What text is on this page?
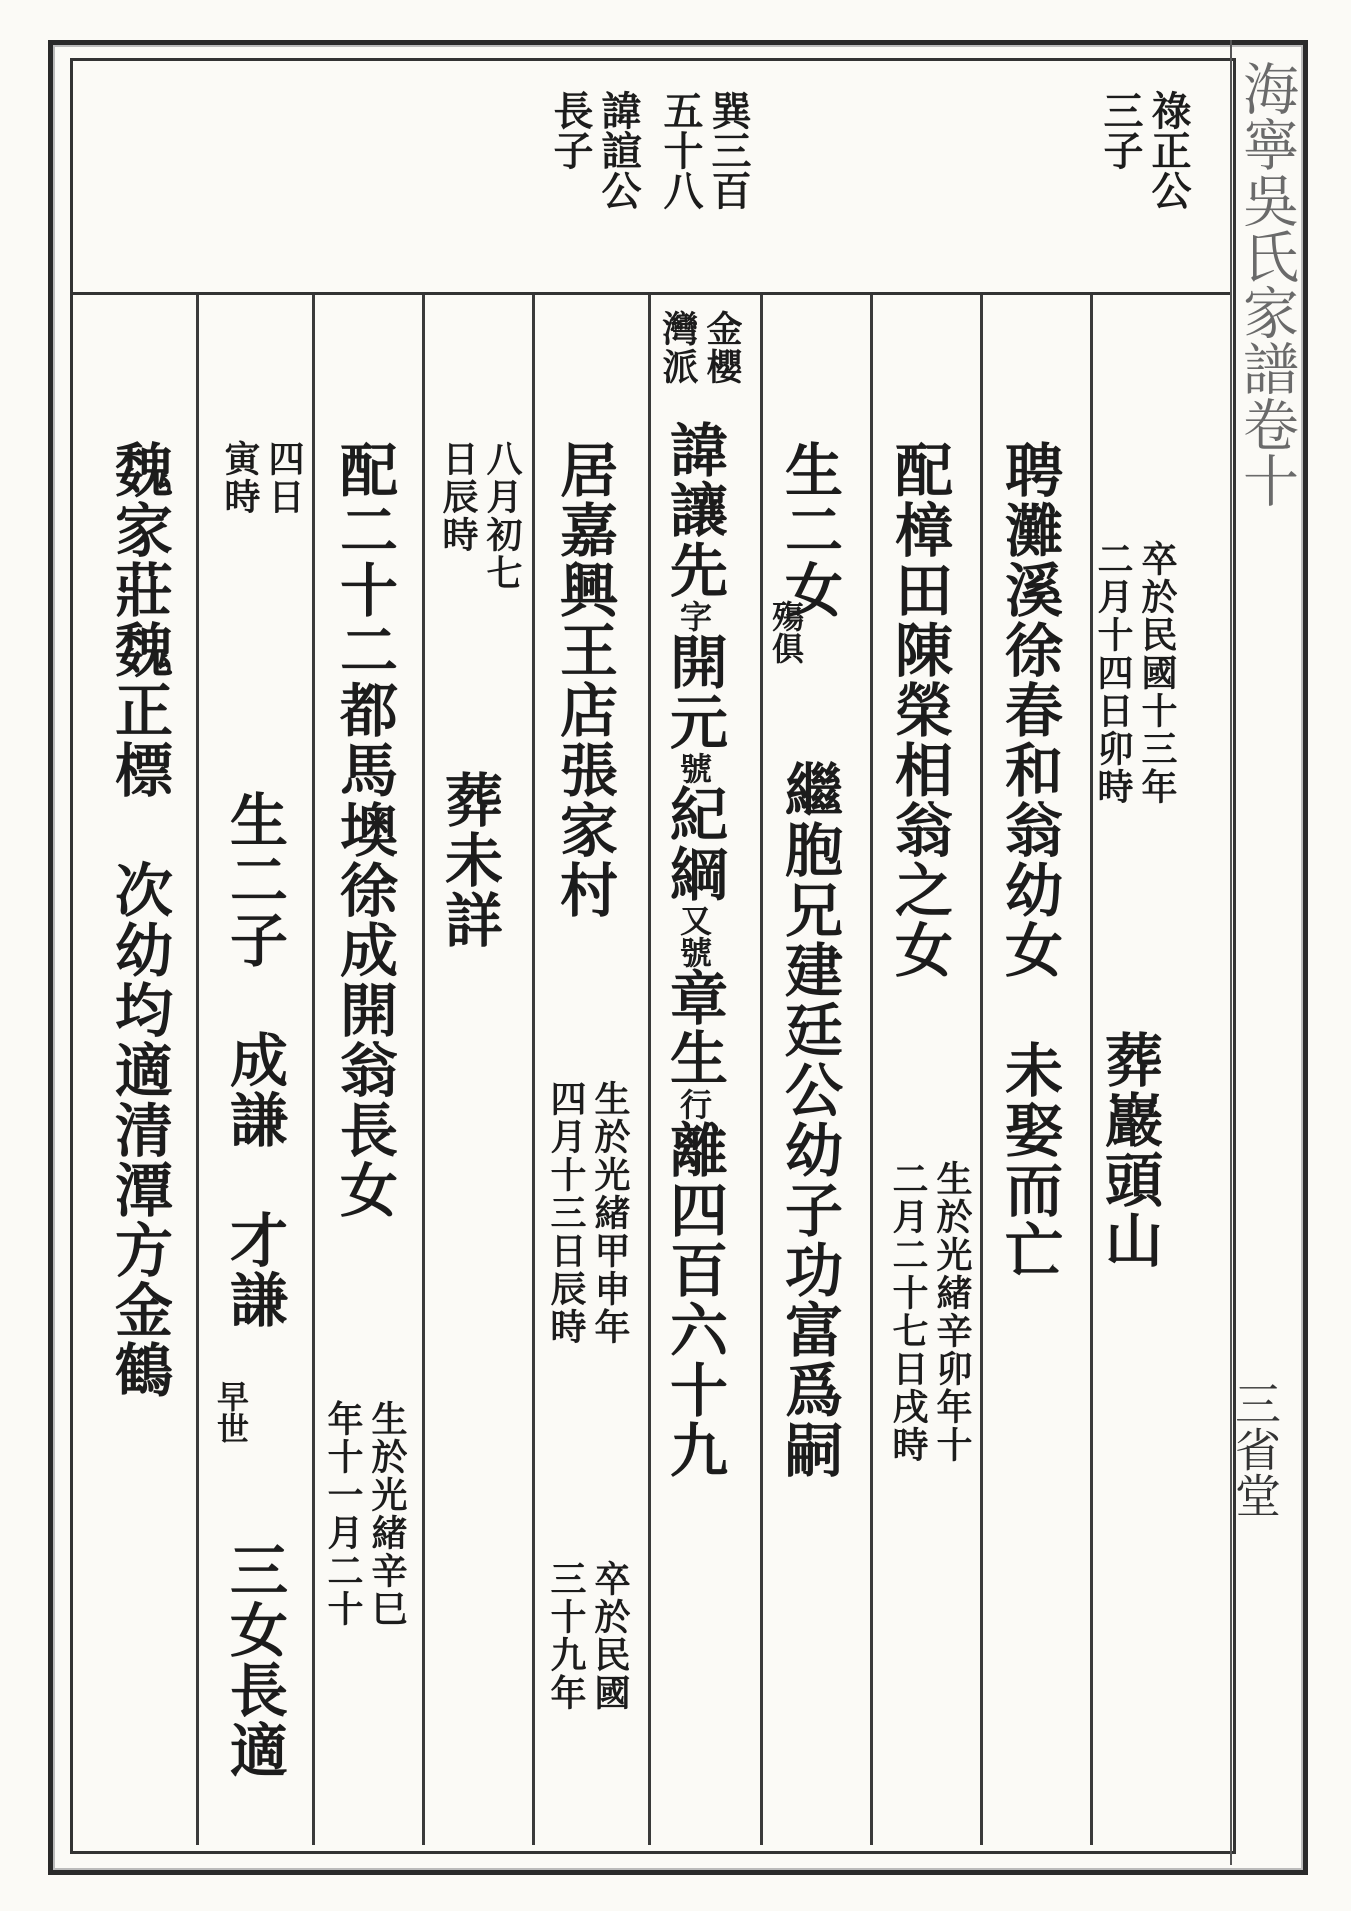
海寧吳氏家譜卷十
三省堂
祿正公
三子
巽三百
五十八
諱諠公
長子
卒於民國十三年
二月十四日卯時
葬巖頭山
聘灘溪徐春和翁幼女　未娶而亡
配樟田陳榮相翁之女
生於光緒辛卯年十
二月二十七日戌時
生二女
殤俱
繼胞兄建廷公幼子功富爲嗣
金櫻
灣派
諱讓先
字
開元
號
紀綱
又號
章生
行
離四百六十九
居嘉興王店張家村
生於光緒甲申年
四月十三日辰時
卒於民國
三十九年
八月初七
日辰時
葬未詳
配二十二都馬墺徐成開翁長女
生於光緒辛巳
年十一月二十
四日
寅時
生二子　成謙　才謙
早世
三女長適
魏家莊魏正標　次幼均適清潭方金鶴
